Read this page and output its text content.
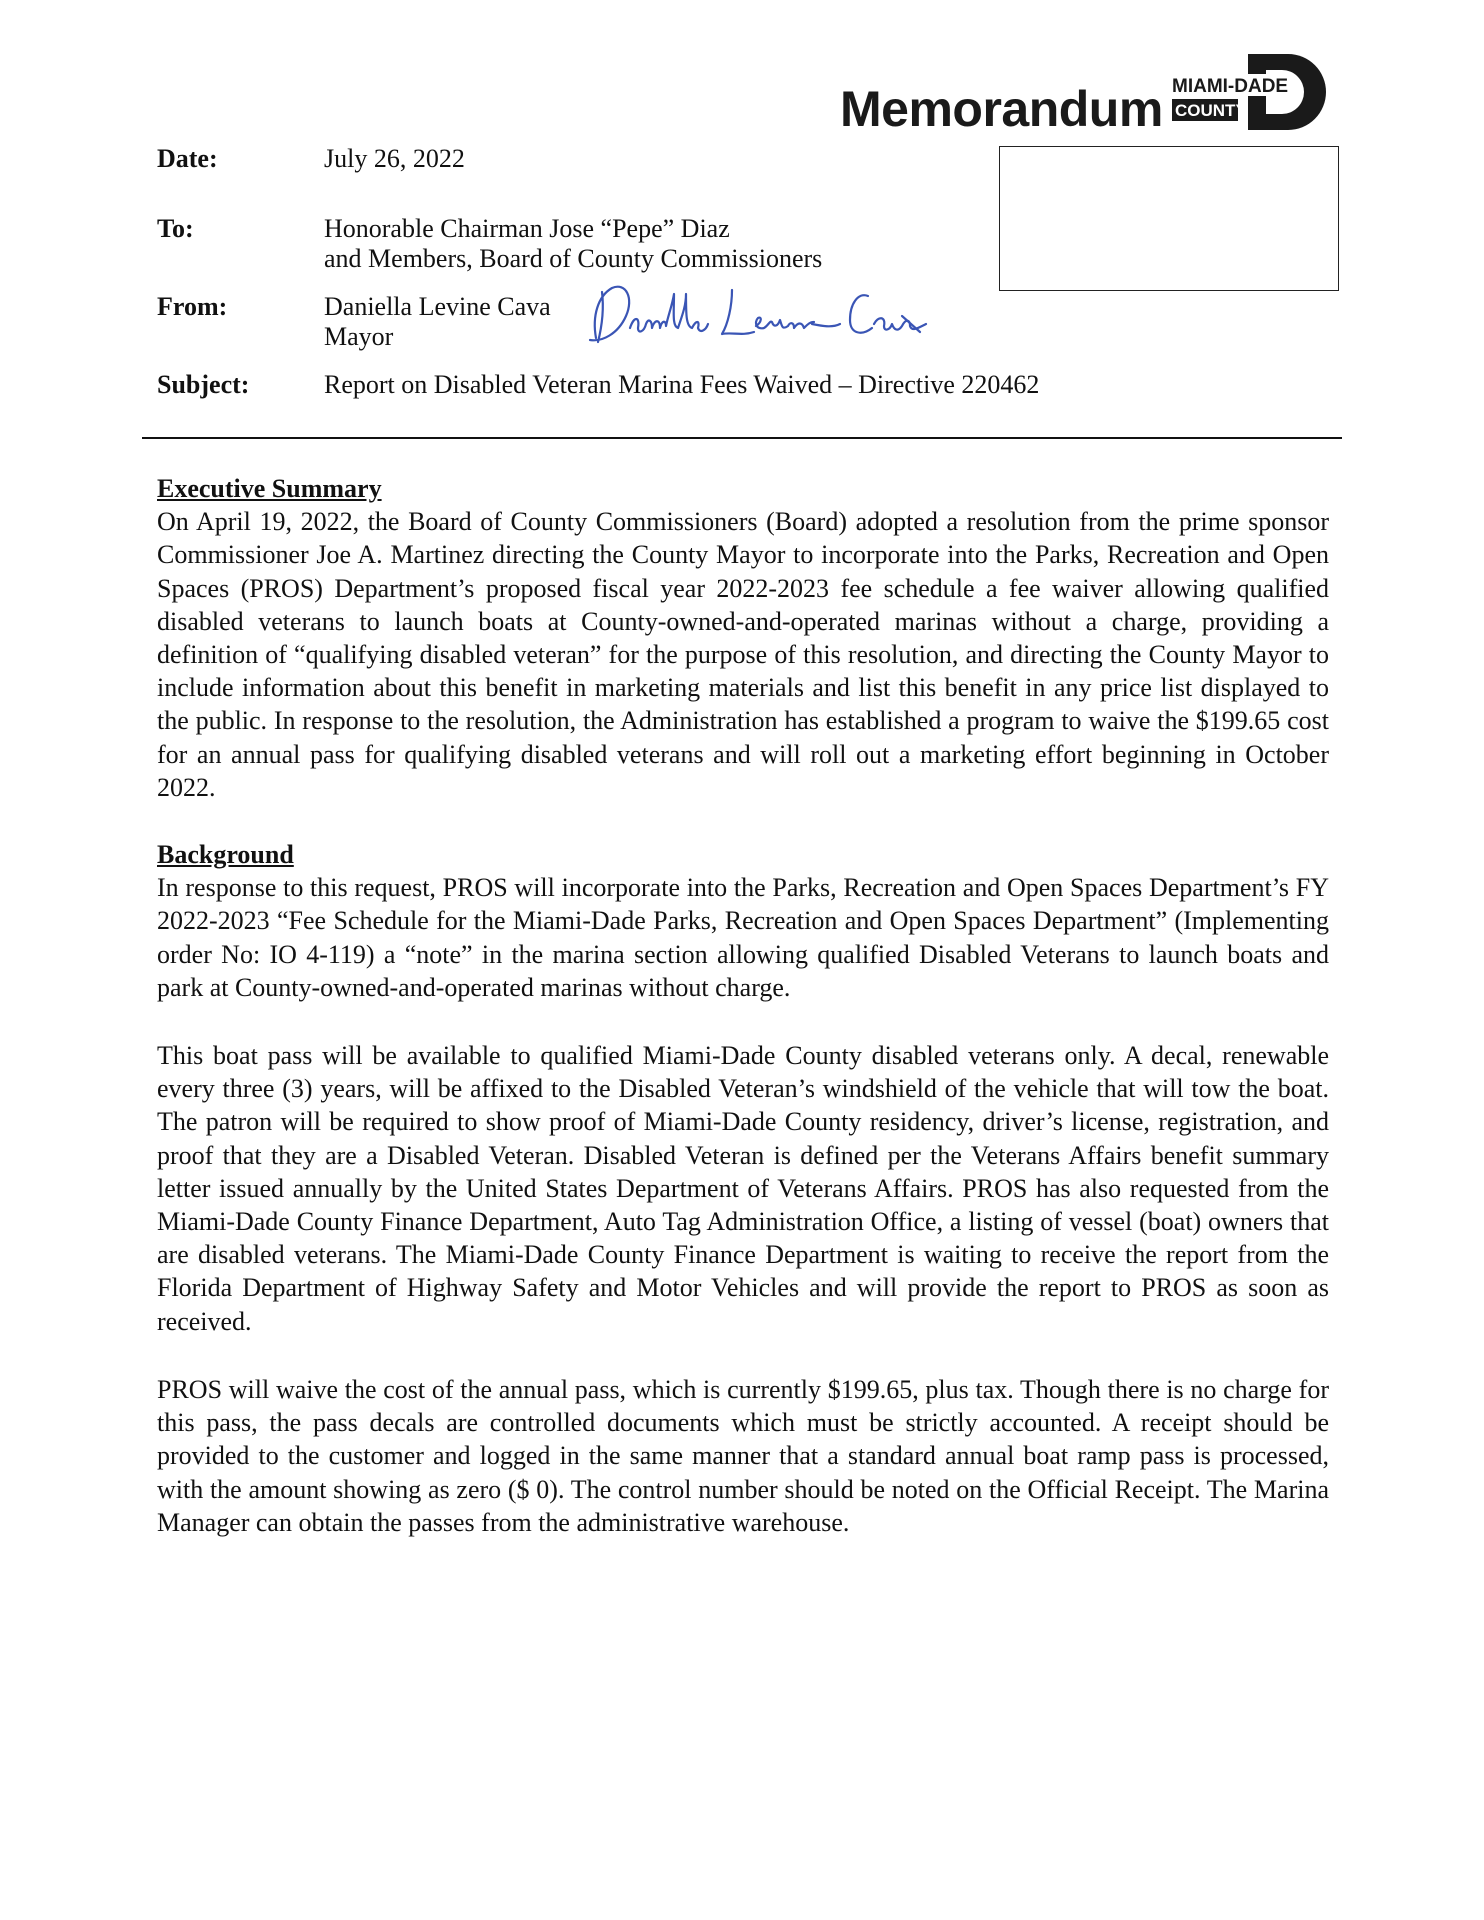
Memorandum MIAMI-DADE
COUNTY
Date:	July 26, 2022
To:	Honorable Chairman Jose “Pepe” Diaz
and Members, Board of County Commissioners
From:	Daniella Levine Cava
Mayor
Subject:	Report on Disabled Veteran Marina Fees Waived – Directive 220462
Executive Summary

On April 19, 2022, the Board of County Commissioners (Board) adopted a resolution from the prime sponsor Commissioner Joe A. Martinez directing the County Mayor to incorporate into the Parks, Recreation and Open Spaces (PROS) Department’s proposed fiscal year 2022-2023 fee schedule a fee waiver allowing qualified disabled veterans to launch boats at County-owned-and-operated marinas without a charge, providing a definition of “qualifying disabled veteran” for the purpose of this resolution, and directing the County Mayor to include information about this benefit in marketing materials and list this benefit in any price list displayed to the public. In response to the resolution, the Administration has established a program to waive the $199.65 cost for an annual pass for qualifying disabled veterans and will roll out a marketing effort beginning in October 2022.

Background

In response to this request, PROS will incorporate into the Parks, Recreation and Open Spaces Department’s FY 2022-2023 “Fee Schedule for the Miami-Dade Parks, Recreation and Open Spaces Department” (Implementing order No: IO 4-119) a “note” in the marina section allowing qualified Disabled Veterans to launch boats and park at County-owned-and-operated marinas without charge.

This boat pass will be available to qualified Miami-Dade County disabled veterans only. A decal, renewable every three (3) years, will be affixed to the Disabled Veteran’s windshield of the vehicle that will tow the boat. The patron will be required to show proof of Miami-Dade County residency, driver’s license, registration, and proof that they are a Disabled Veteran. Disabled Veteran is defined per the Veterans Affairs benefit summary letter issued annually by the United States Department of Veterans Affairs. PROS has also requested from the Miami-Dade County Finance Department, Auto Tag Administration Office, a listing of vessel (boat) owners that are disabled veterans. The Miami-Dade County Finance Department is waiting to receive the report from the Florida Department of Highway Safety and Motor Vehicles and will provide the report to PROS as soon as received.

PROS will waive the cost of the annual pass, which is currently $199.65, plus tax. Though there is no charge for this pass, the pass decals are controlled documents which must be strictly accounted. A receipt should be provided to the customer and logged in the same manner that a standard annual boat ramp pass is processed, with the amount showing as zero ($ 0). The control number should be noted on the Official Receipt. The Marina Manager can obtain the passes from the administrative warehouse.
